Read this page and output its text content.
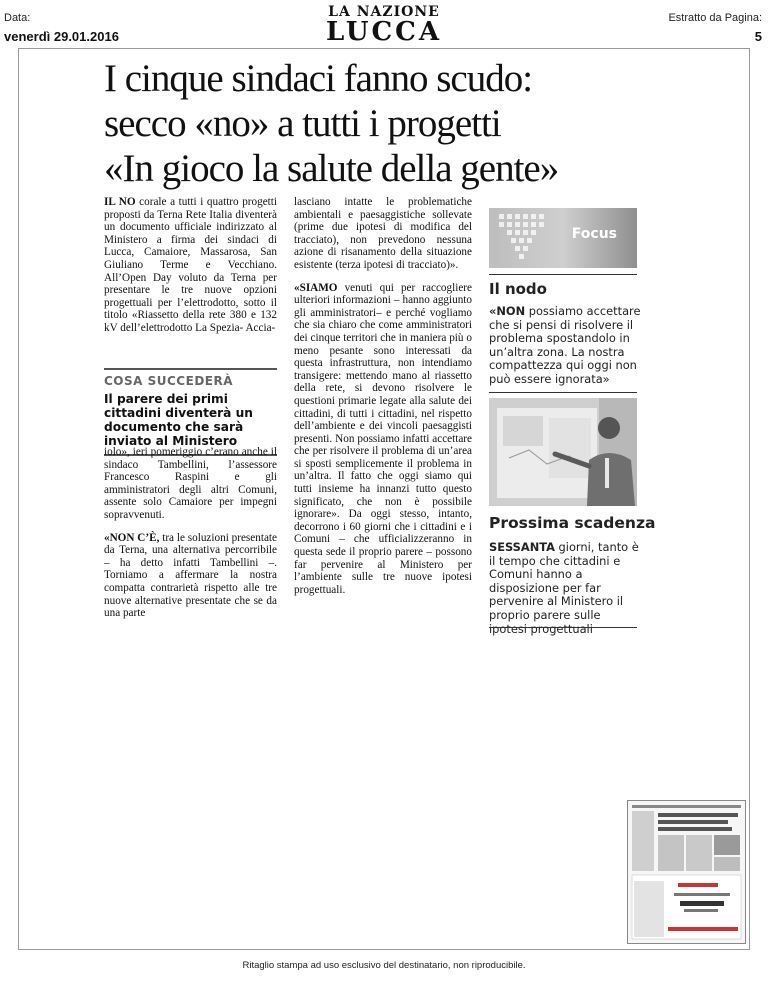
Data:
venerdì 29.01.2016
LA NAZIONE
LUCCA	Estratto da Pagina:
5
I cinque sindaci fanno scudo:
secco «no» a tutti i progetti
«In gioco la salute della gente»

IL NO corale a tutti i quattro progetti proposti da Terna Rete Italia diventerà un documento ufficiale indirizzato al Ministero a firma dei sindaci di Lucca, Camaiore, Massarosa, San Giuliano Terme e Vecchiano. All’Open Day voluto da Terna per presentare le tre nuove opzioni progettuali per l’elettrodotto, sotto il titolo «Riassetto della rete 380 e 132 kV dell’elettrodotto La Spezia- Accia-

COSA SUCCEDERÀ
Il parere dei primi cittadini diventerà un documento che sarà inviato al Ministero

iolo», ieri pomeriggio c’erano anche il sindaco Tambellini, l’assessore Francesco Raspini e gli amministratori degli altri Comuni, assente solo Camaiore per impegni sopravvenuti.

«NON C’È, tra le soluzioni presentate da Terna, una alternativa percorribile – ha detto infatti Tambellini –. Torniamo a affermare la nostra compatta contrarietà rispetto alle tre nuove alternative presentate che se da una parte

lasciano intatte le problematiche ambientali e paesaggistiche sollevate (prime due ipotesi di modifica del tracciato), non prevedono nessuna azione di risanamento della situazione esistente (terza ipotesi di tracciato)».

«SIAMO venuti qui per raccogliere ulteriori informazioni – hanno aggiunto gli amministratori– e perché vogliamo che sia chiaro che come amministratori dei cinque territori che in maniera più o meno pesante sono interessati da questa infrastruttura, non intendiamo transigere: mettendo mano al riassetto della rete, si devono risolvere le questioni primarie legate alla salute dei cittadini, di tutti i cittadini, nel rispetto dell’ambiente e dei vincoli paesaggisti presenti. Non possiamo infatti accettare che per risolvere il problema di un’area si sposti semplicemente il problema in un’altra. Il fatto che oggi siamo qui tutti insieme ha innanzi tutto questo significato, che non è possibile ignorare». Da oggi stesso, intanto, decorrono i 60 giorni che i cittadini e i Comuni – che ufficializzeranno in questa sede il proprio parere – possono far pervenire al Ministero per l’ambiente sulle tre nuove ipotesi progettuali.

Focus
Il nodo
«NON possiamo accettare che si pensi di risolvere il problema spostandolo in un’altra zona. La nostra compattezza qui oggi non può essere ignorata»
Prossima scadenza
SESSANTA giorni, tanto è il tempo che cittadini e Comuni hanno a disposizione per far pervenire al Ministero il proprio parere sulle ipotesi progettuali
Ritaglio stampa ad uso esclusivo del destinatario, non riproducibile.
